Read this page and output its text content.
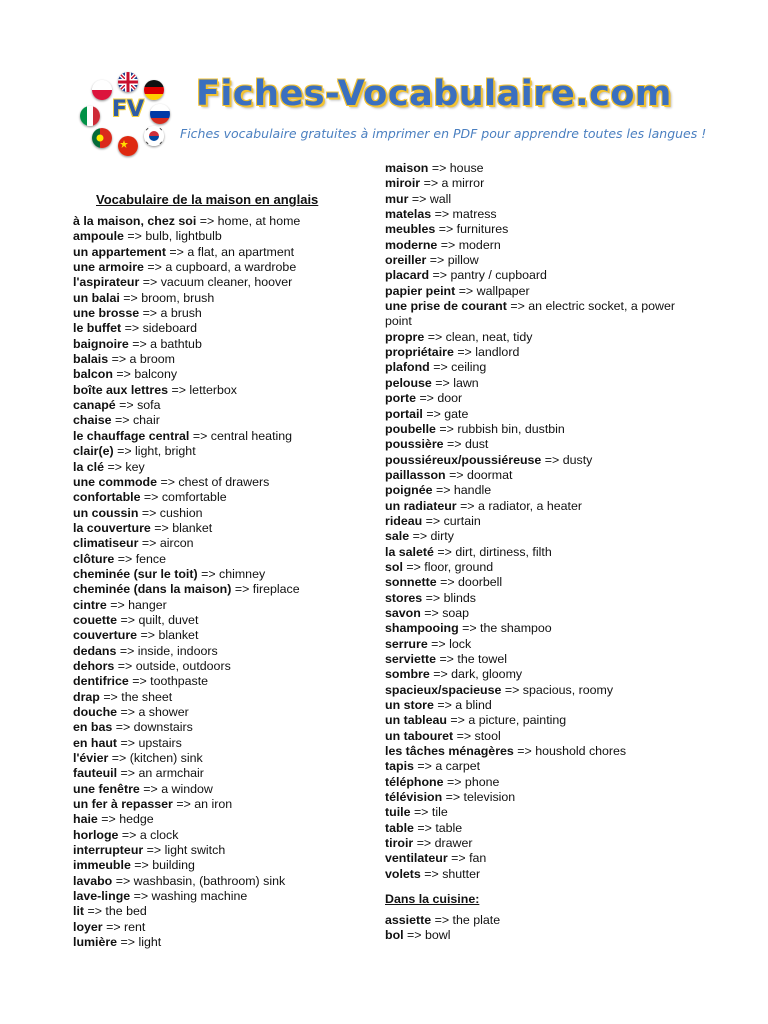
FV Fiches-Vocabulaire.com
Fiches vocabulaire gratuites à imprimer en PDF pour apprendre toutes les langues !
Vocabulaire de la maison en anglais
à la maison, chez soi => home, at home
ampoule => bulb, lightbulb
un appartement => a flat, an apartment
une armoire => a cupboard, a wardrobe
l'aspirateur => vacuum cleaner, hoover
un balai => broom, brush
une brosse => a brush
le buffet => sideboard
baignoire => a bathtub
balais => a broom
balcon => balcony
boîte aux lettres => letterbox
canapé => sofa
chaise => chair
le chauffage central => central heating
clair(e) => light, bright
la clé => key
une commode => chest of drawers
confortable => comfortable
un coussin => cushion
la couverture => blanket
climatiseur => aircon
clôture => fence
cheminée (sur le toit) => chimney
cheminée (dans la maison) => fireplace
cintre => hanger
couette => quilt, duvet
couverture => blanket
dedans => inside, indoors
dehors => outside, outdoors
dentifrice => toothpaste
drap => the sheet
douche => a shower
en bas => downstairs
en haut => upstairs
l'évier => (kitchen) sink
fauteuil => an armchair
une fenêtre => a window
un fer à repasser => an iron
haie => hedge
horloge => a clock
interrupteur => light switch
immeuble => building
lavabo => washbasin, (bathroom) sink
lave-linge => washing machine
lit => the bed
loyer => rent
lumière => light
maison => house
miroir => a mirror
mur => wall
matelas => matress
meubles => furnitures
moderne => modern
oreiller => pillow
placard => pantry / cupboard
papier peint => wallpaper
une prise de courant => an electric socket, a power point
propre => clean, neat, tidy
propriétaire => landlord
plafond => ceiling
pelouse => lawn
porte => door
portail => gate
poubelle => rubbish bin, dustbin
poussière => dust
poussiéreux/poussiéreuse => dusty
paillasson => doormat
poignée => handle
un radiateur => a radiator, a heater
rideau => curtain
sale => dirty
la saleté => dirt, dirtiness, filth
sol => floor, ground
sonnette => doorbell
stores => blinds
savon => soap
shampooing => the shampoo
serrure => lock
serviette => the towel
sombre => dark, gloomy
spacieux/spacieuse => spacious, roomy
un store => a blind
un tableau => a picture, painting
un tabouret => stool
les tâches ménagères => houshold chores
tapis => a carpet
téléphone => phone
télévision => television
tuile => tile
table => table
tiroir => drawer
ventilateur => fan
volets => shutter
Dans la cuisine:
assiette => the plate
bol => bowl
